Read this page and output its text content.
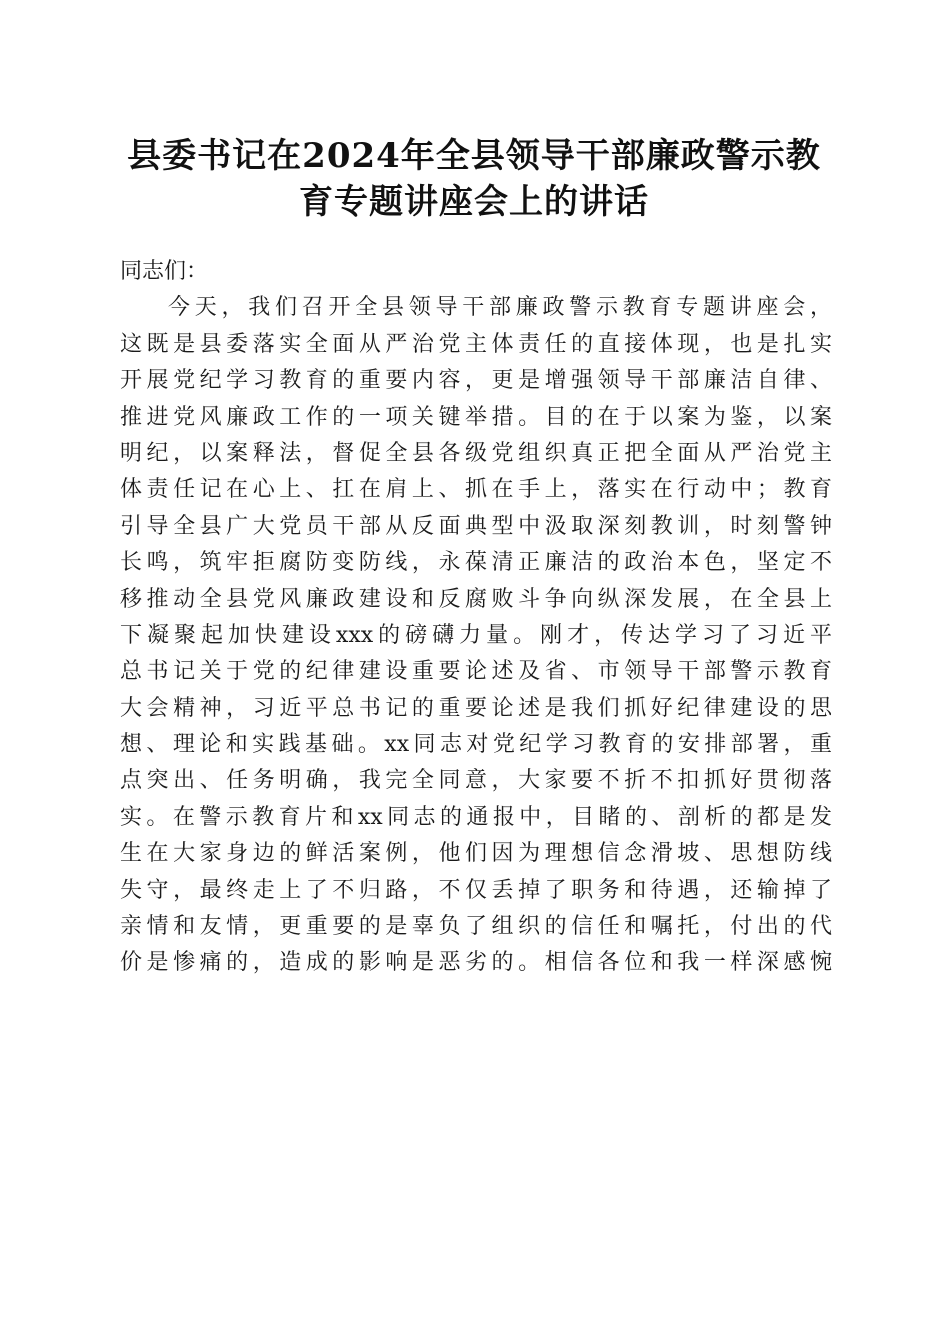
县委书记在2024年全县领导干部廉政警示教
育专题讲座会上的讲话
同志们：
今天，我们召开全县领导干部廉政警示教育专题讲座会，
这既是县委落实全面从严治党主体责任的直接体现，也是扎实
开展党纪学习教育的重要内容，更是增强领导干部廉洁自律、
推进党风廉政工作的一项关键举措。目的在于以案为鉴，以案
明纪，以案释法，督促全县各级党组织真正把全面从严治党主
体责任记在心上、扛在肩上、抓在手上，落实在行动中；教育
引导全县广大党员干部从反面典型中汲取深刻教训，时刻警钟
长鸣，筑牢拒腐防变防线，永葆清正廉洁的政治本色，坚定不
移推动全县党风廉政建设和反腐败斗争向纵深发展，在全县上
下凝聚起加快建设xxx的磅礴力量。刚才，传达学习了习近平
总书记关于党的纪律建设重要论述及省、市领导干部警示教育
大会精神，习近平总书记的重要论述是我们抓好纪律建设的思
想、理论和实践基础。xx同志对党纪学习教育的安排部署，重
点突出、任务明确，我完全同意，大家要不折不扣抓好贯彻落
实。在警示教育片和xx同志的通报中，目睹的、剖析的都是发
生在大家身边的鲜活案例，他们因为理想信念滑坡、思想防线
失守，最终走上了不归路，不仅丢掉了职务和待遇，还输掉了
亲情和友情，更重要的是辜负了组织的信任和嘱托，付出的代
价是惨痛的，造成的影响是恶劣的。相信各位和我一样深感惋
